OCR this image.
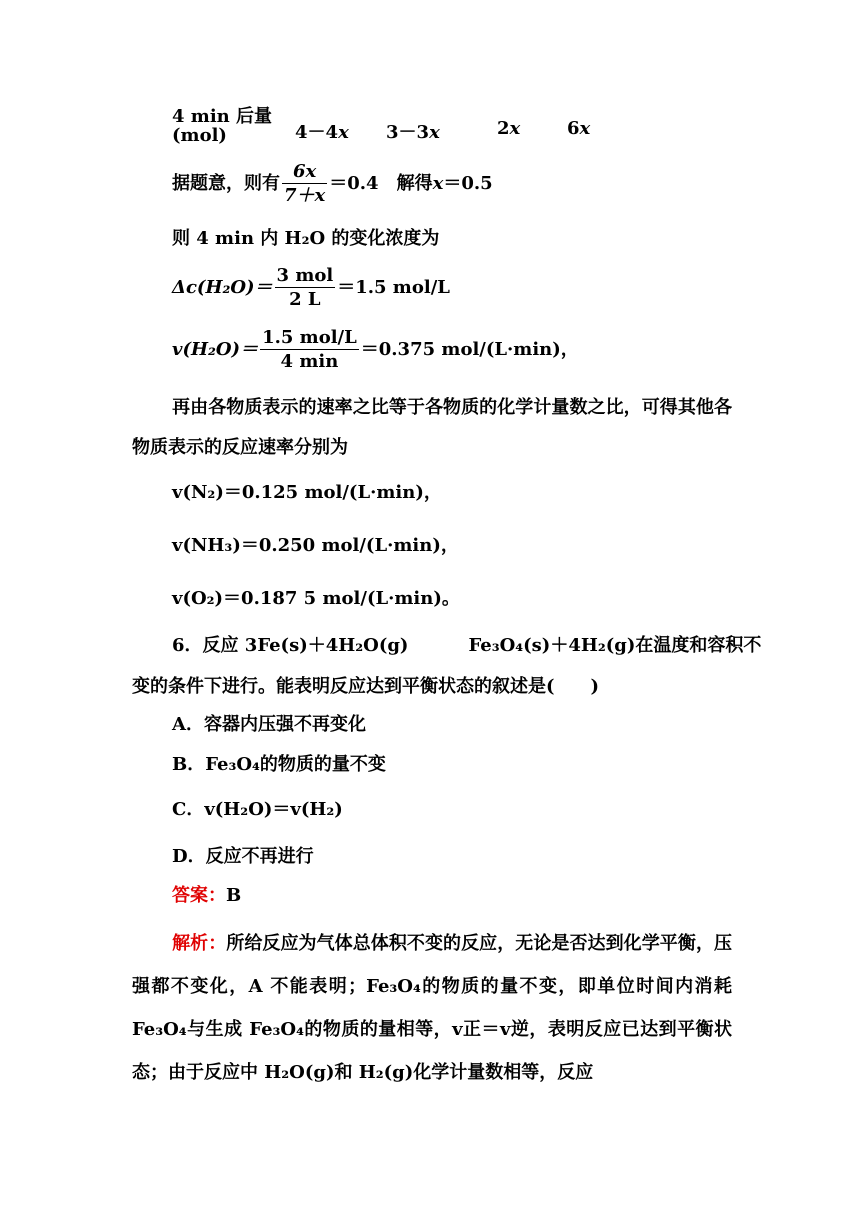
4 min 后量
(mol)	4－4x 3－3x	2x	6x
据题意，则有 $\frac{6x}{7+x} =0.4$　解得x＝0.5
则 4 min 内 H₂O 的变化浓度为
$\Delta c(H_2O)= \frac{\text{3 mol}}{2 L} =1.5$ mol/L
$v(H_2O)= \frac{\text{1.5 mol/L}}{4 \min} =0.375$ mol/(L·min)，
再由各物质表示的速率之比等于各物质的化学计量数之比，可得其他各物质表示的反应速率分别为
v(N₂)＝0.125 mol/(L·min)，
v(NH₃)＝0.250 mol/(L·min)，
v(O₂)＝0.187 5 mol/(L·min)。
6．反应 3Fe(s)＋4H₂O(g)	Fe₃O₄(s)＋4H₂(g)在温度和容积不
变的条件下进行。能表明反应达到平衡状态的叙述是(　　)
A．容器内压强不再变化
B．Fe₃O₄的物质的量不变
C．v(H₂O)＝v(H₂)
D．反应不再进行
答案：B
解析：所给反应为气体总体积不变的反应，无论是否达到化学平衡，压强都不变化，A 不能表明；Fe₃O₄的物质的量不变，即单位时间内消耗 Fe₃O₄与生成 Fe₃O₄的物质的量相等，v正＝v逆，表明反应已达到平衡状态；由于反应中 H₂O(g)和 H₂(g)化学计量数相等，反应
